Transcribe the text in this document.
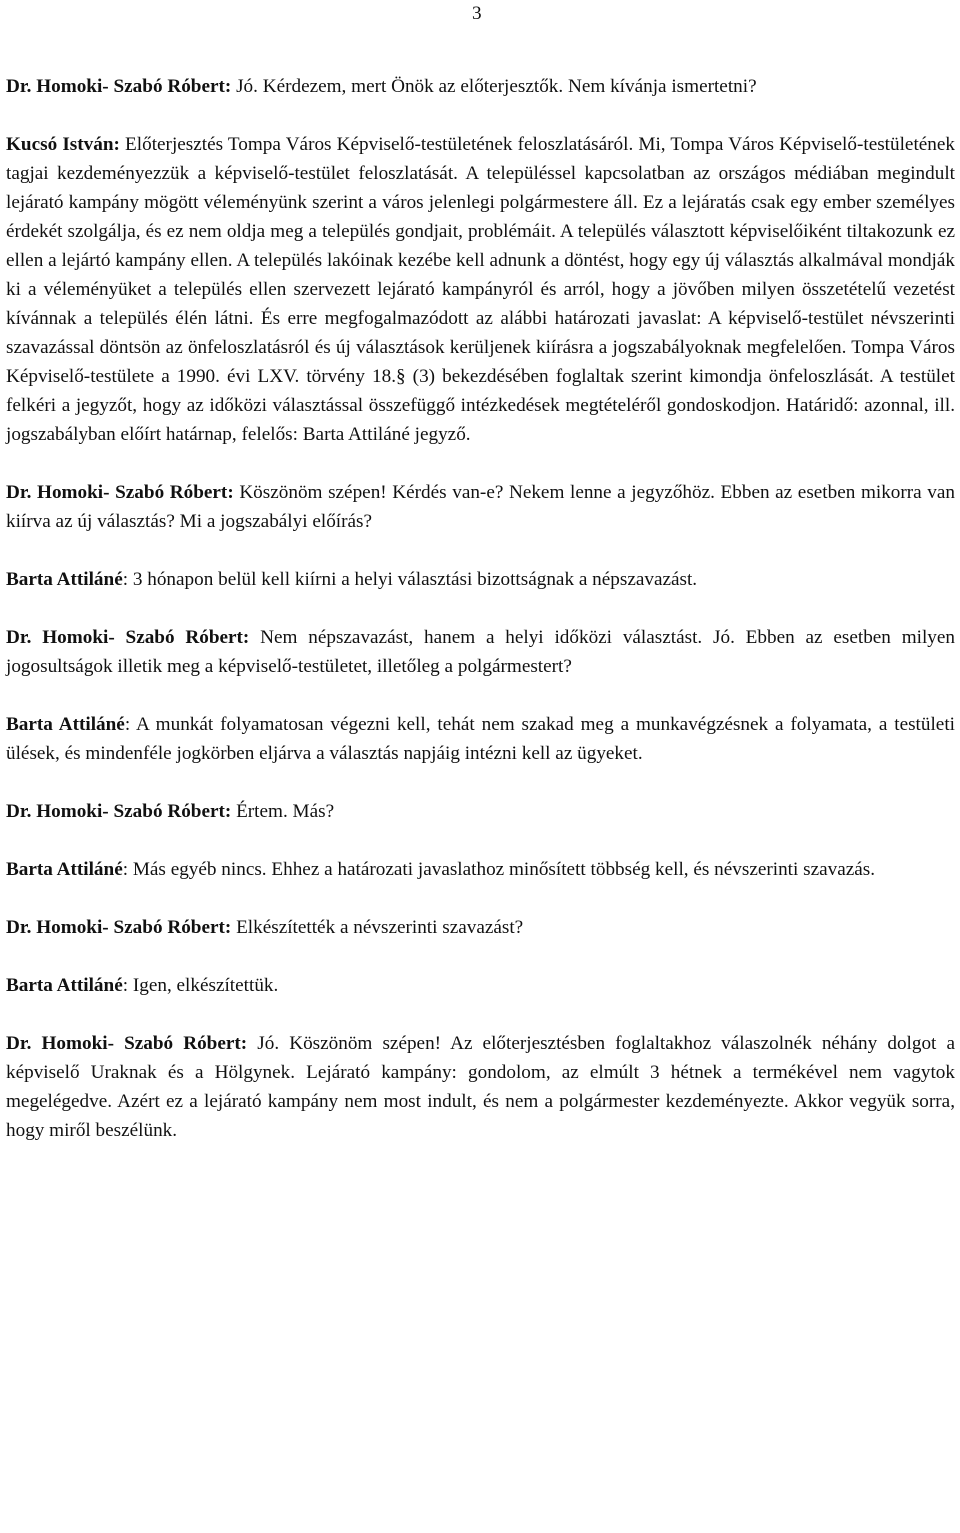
3

Dr. Homoki- Szabó Róbert: Jó. Kérdezem, mert Önök az előterjesztők. Nem kívánja ismertetni?

Kucsó István: Előterjesztés Tompa Város Képviselő-testületének feloszlatásáról. Mi, Tompa Város Képviselő-testületének tagjai kezdeményezzük a képviselő-testület feloszlatását. A településsel kapcsolatban az országos médiában megindult lejárató kampány mögött véleményünk szerint a város jelenlegi polgármestere áll. Ez a lejáratás csak egy ember személyes érdekét szolgálja, és ez nem oldja meg a település gondjait, problémáit. A település választott képviselőiként tiltakozunk ez ellen a lejártó kampány ellen. A település lakóinak kezébe kell adnunk a döntést, hogy egy új választás alkalmával mondják ki a véleményüket a település ellen szervezett lejárató kampányról és arról, hogy a jövőben milyen összetételű vezetést kívánnak a település élén látni. És erre megfogalmazódott az alábbi határozati javaslat: A képviselő-testület névszerinti szavazással döntsön az önfeloszlatásról és új választások kerüljenek kiírásra a jogszabályoknak megfelelően. Tompa Város Képviselő-testülete a 1990. évi LXV. törvény 18.§ (3) bekezdésében foglaltak szerint kimondja önfeloszlását. A testület felkéri a jegyzőt, hogy az időközi választással összefüggő intézkedések megtételéről gondoskodjon. Határidő: azonnal, ill. jogszabályban előírt határnap, felelős: Barta Attiláné jegyző.

Dr. Homoki- Szabó Róbert: Köszönöm szépen! Kérdés van-e? Nekem lenne a jegyzőhöz. Ebben az esetben mikorra van kiírva az új választás? Mi a jogszabályi előírás?

Barta Attiláné: 3 hónapon belül kell kiírni a helyi választási bizottságnak a népszavazást.

Dr. Homoki- Szabó Róbert: Nem népszavazást, hanem a helyi időközi választást. Jó. Ebben az esetben milyen jogosultságok illetik meg a képviselő-testületet, illetőleg a polgármestert?

Barta Attiláné: A munkát folyamatosan végezni kell, tehát nem szakad meg a munkavégzésnek a folyamata, a testületi ülések, és mindenféle jogkörben eljárva a választás napjáig intézni kell az ügyeket.

Dr. Homoki- Szabó Róbert: Értem. Más?

Barta Attiláné: Más egyéb nincs. Ehhez a határozati javaslathoz minősített többség kell, és névszerinti szavazás.

Dr. Homoki- Szabó Róbert: Elkészítették a névszerinti szavazást?

Barta Attiláné: Igen, elkészítettük.

Dr. Homoki- Szabó Róbert: Jó. Köszönöm szépen! Az előterjesztésben foglaltakhoz válaszolnék néhány dolgot a képviselő Uraknak és a Hölgynek. Lejárató kampány: gondolom, az elmúlt 3 hétnek a termékével nem vagytok megelégedve. Azért ez a lejárató kampány nem most indult, és nem a polgármester kezdeményezte. Akkor vegyük sorra, hogy miről beszélünk.
